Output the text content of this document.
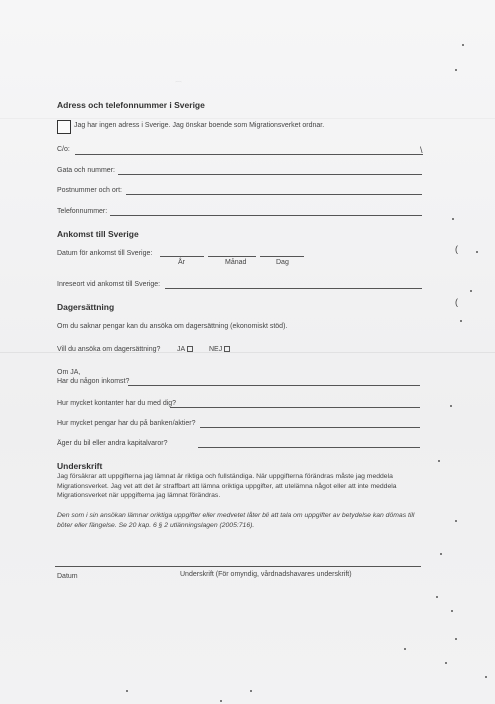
⌒
Adress och telefonnummer i Sverige
Jag har ingen adress i Sverige. Jag önskar boende som Migrationsverket ordnar.
C/o:
Gata och nummer:
Postnummer och ort:
Telefonnummer:
Ankomst till Sverige
Datum för ankomst till Sverige:
År	Månad	Dag
Inreseort vid ankomst till Sverige:
Dagersättning
Om du saknar pengar kan du ansöka om dagersättning (ekonomiskt stöd).
Vill du ansöka om dagersättning? JA	NEJ
Om JA,
Har du någon inkomst?
Hur mycket kontanter har du med dig?
Hur mycket pengar har du på banken/aktier?
Äger du bil eller andra kapitalvaror?
Underskrift
Jag försäkrar att uppgifterna jag lämnat är riktiga och fullständiga. När uppgifterna förändras måste jag meddela Migrationsverket. Jag vet att det är straffbart att lämna oriktiga uppgifter, att utelämna något eller att inte meddela Migrationsverket när uppgifterna jag lämnat förändras.
Den som i sin ansökan lämnar oriktiga uppgifter eller medvetet låter bli att tala om uppgifter av betydelse kan dömas till böter eller fängelse. Se 20 kap. 6 § 2 utlänningslagen (2005:716).
Datum	Underskrift (För omyndig, vårdnadshavares underskrift)
\
(
(
